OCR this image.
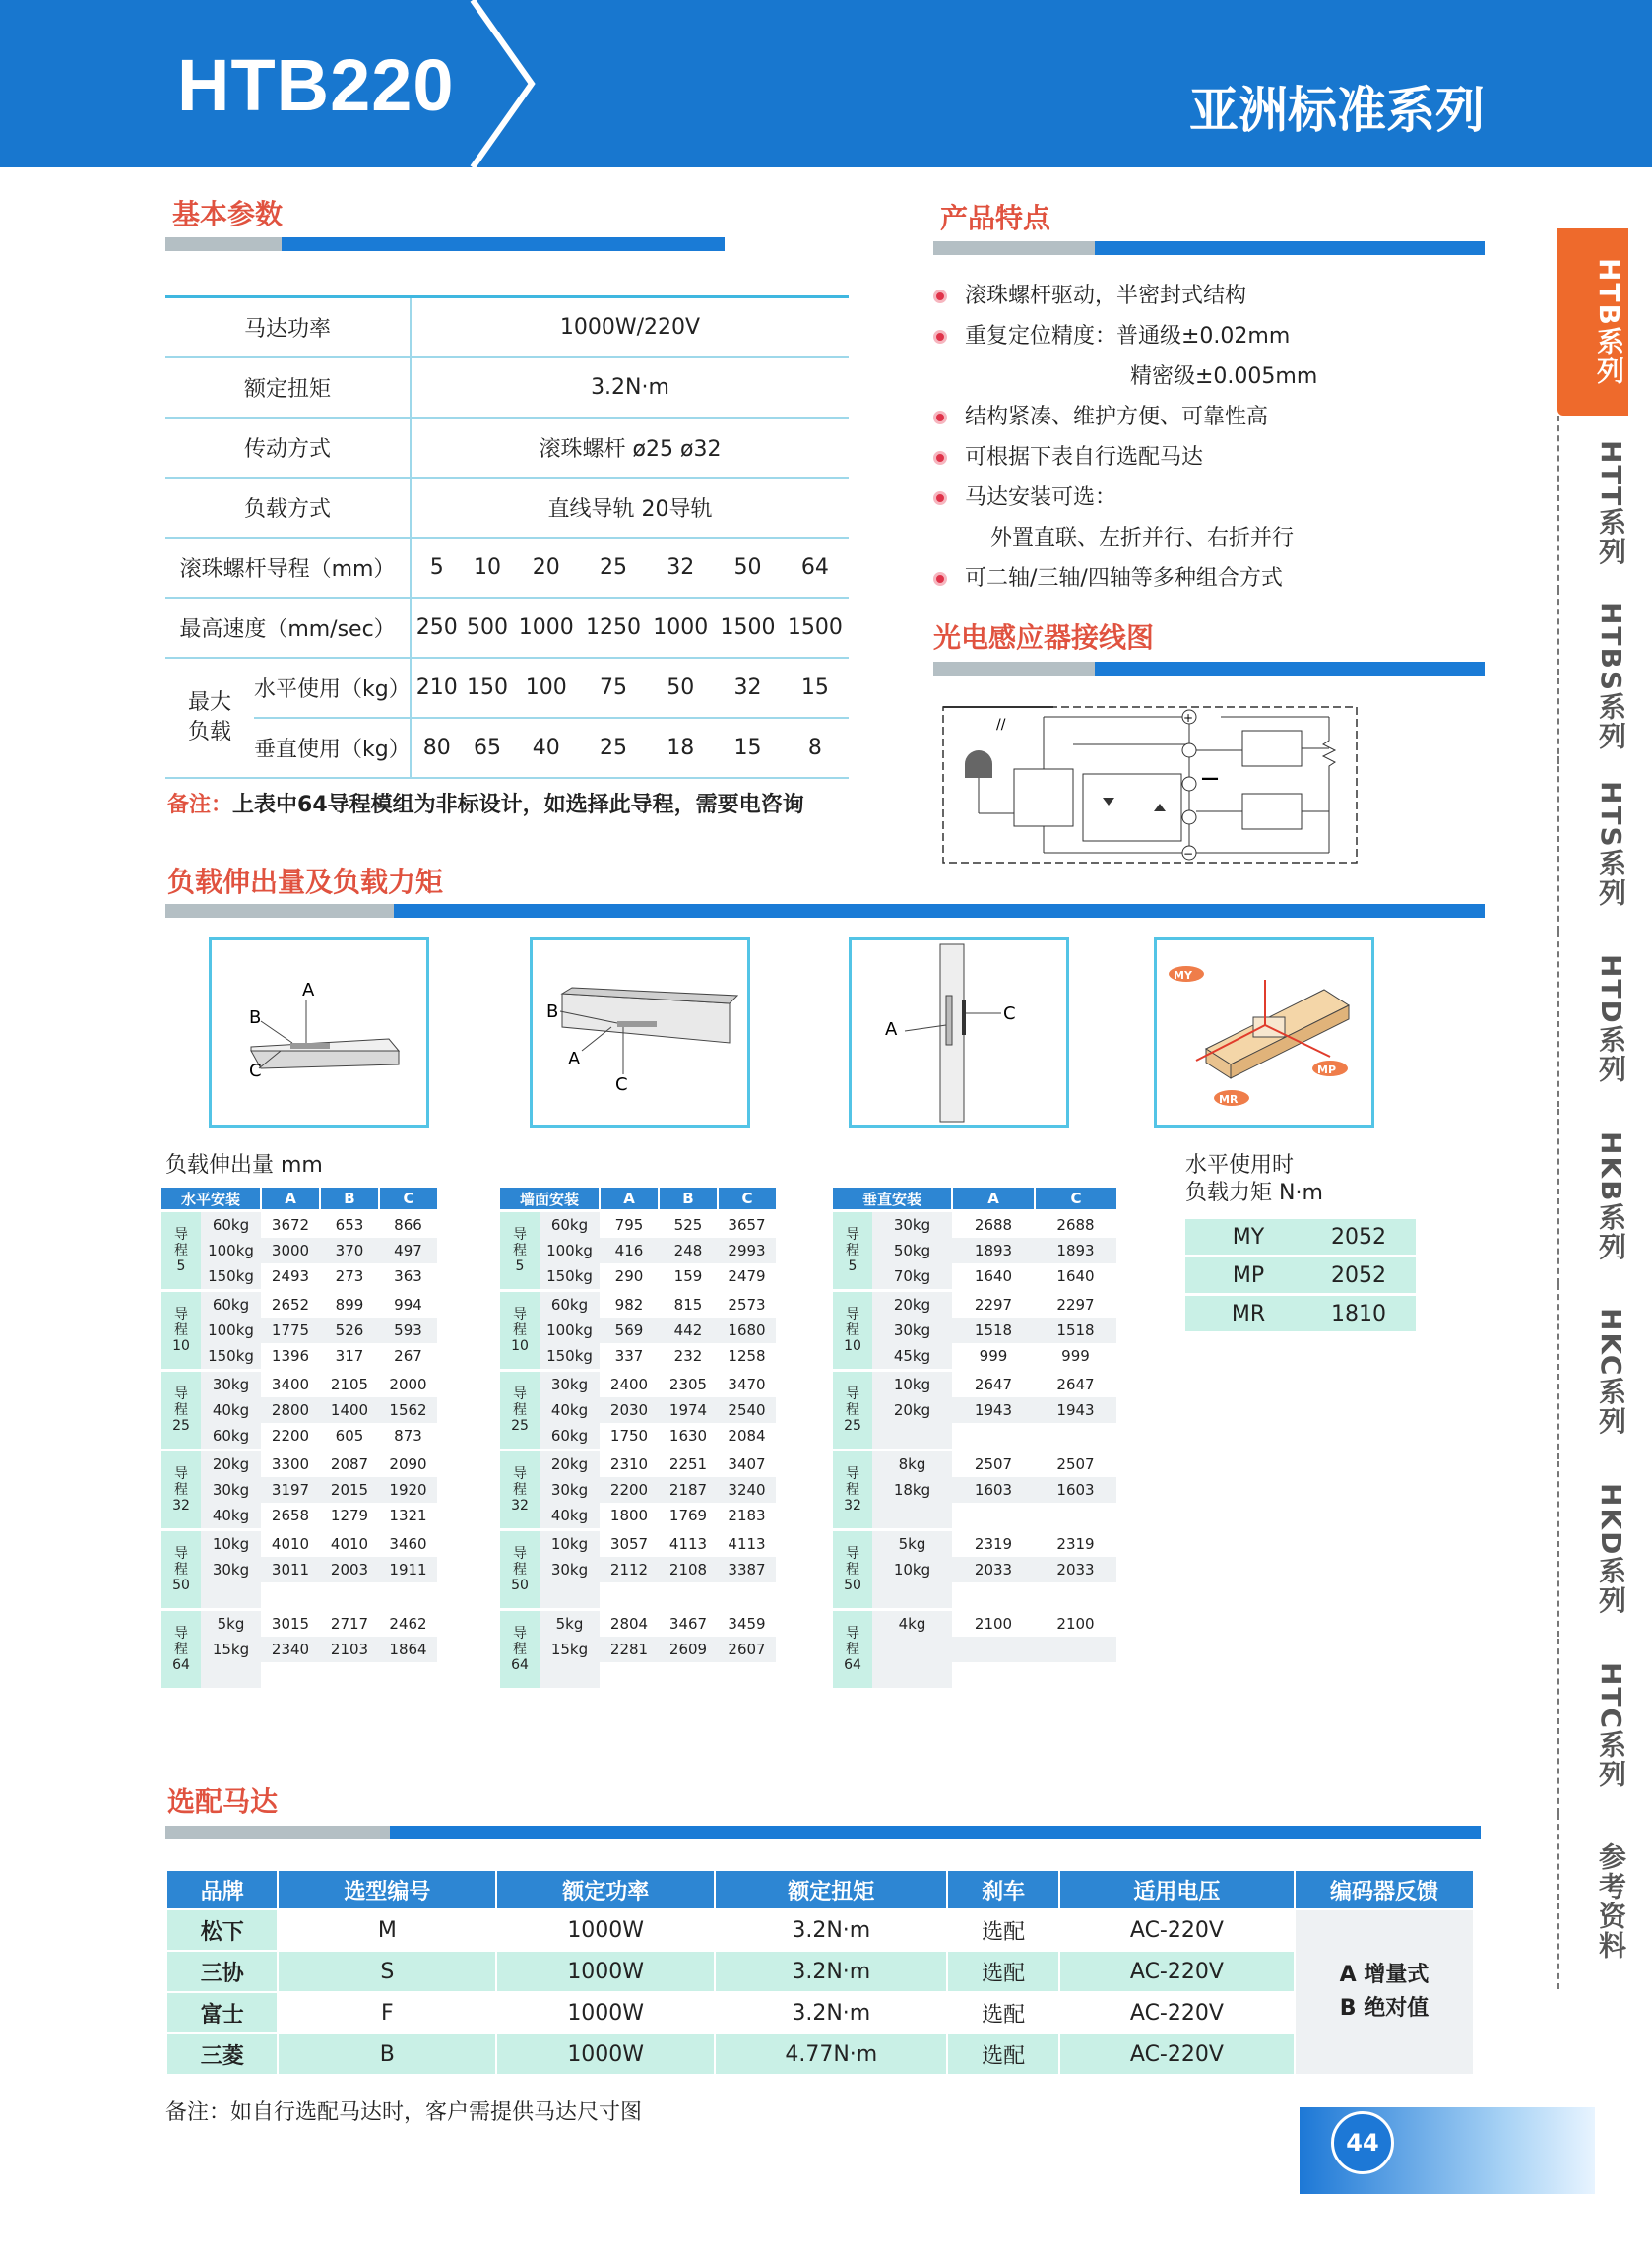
HTB220	亚洲标准系列
基本参数
马达功率		1000W/220V						
额定扭矩		3.2N·m						
传动方式		滚珠螺杆 ø25 ø32						
负载方式		直线导轨 20导轨						
滚珠螺杆导程（mm）		5	10	20	25	32	50	64
最高速度（mm/sec）		250	500	1000	1250	1000	1500	1500

最大
负载	水平使用（kg）	210	150	100	75	50	32	15
	垂直使用（kg）	80	65	40	25	18	15	8
备注：上表中64导程模组为非标设计，如选择此导程，需要电咨询
产品特点
滚珠螺杆驱动，半密封式结构
重复定位精度：普通级±0.02mm
精密级±0.005mm
结构紧凑、维护方便、可靠性高
可根据下表自行选配马达
马达安装可选：
外置直联、左折并行、右折并行
可二轴/三轴/四轴等多种组合方式
光电感应器接线图
//	+
−
—
负载伸出量及负载力矩
A
B
C
B
A
C
A
C
MY
MP
MR
负载伸出量 mm
水平安装		A	B	C

导
程
5	60kg	3672	653	866
	100kg	3000	370	497
	150kg	2493	273	363

导
程
10	60kg	2652	899	994
	100kg	1775	526	593
	150kg	1396	317	267

导
程
25	30kg	3400	2105	2000
	40kg	2800	1400	1562
	60kg	2200	605	873

导
程
32	20kg	3300	2087	2090
	30kg	3197	2015	1920
	40kg	2658	1279	1321

导
程
50	10kg	4010	4010	3460
	30kg	3011	2003	1911

导
程
64	5kg	3015	2717	2462
	15kg	2340	2103	1864

墙面安装		A	B	C

导
程
5	60kg	795	525	3657
	100kg	416	248	2993
	150kg	290	159	2479

导
程
10	60kg	982	815	2573
	100kg	569	442	1680
	150kg	337	232	1258

导
程
25	30kg	2400	2305	3470
	40kg	2030	1974	2540
	60kg	1750	1630	2084

导
程
32	20kg	2310	2251	3407
	30kg	2200	2187	3240
	40kg	1800	1769	2183

导
程
50	10kg	3057	4113	4113
	30kg	2112	2108	3387

导
程
64	5kg	2804	3467	3459
	15kg	2281	2609	2607

垂直安装		A	C

导
程
5	30kg	2688	2688
	50kg	1893	1893
	70kg	1640	1640

导
程
10	20kg	2297	2297
	30kg	1518	1518
	45kg	999	999

导
程
25	10kg	2647	2647
	20kg	1943	1943

导
程
32	8kg	2507	2507
	18kg	1603	1603

导
程
50	5kg	2319	2319
	10kg	2033	2033

导
程
64	4kg	2100	2100

水平使用时
负载力矩 N·m
MY	2052
MP	2052
MR	1810
选配马达
品牌	选型编号	额定功率	额定扭矩	刹车	适用电压	编码器反馈
松下	M	1000W	3.2N·m	选配	AC-220V	A 增量式
B 绝对值

三协	S	1000W	3.2N·m	选配	AC-220V	
富士	F	1000W	3.2N·m	选配	AC-220V	
三菱	B	1000W	4.77N·m	选配	AC-220V	
备注：如自行选配马达时，客户需提供马达尺寸图
44
HTB系列
HTT系列
HTBS系列
HTS系列
HTD系列
HKB系列
HKC系列
HKD系列
HTC系列
参考资料
